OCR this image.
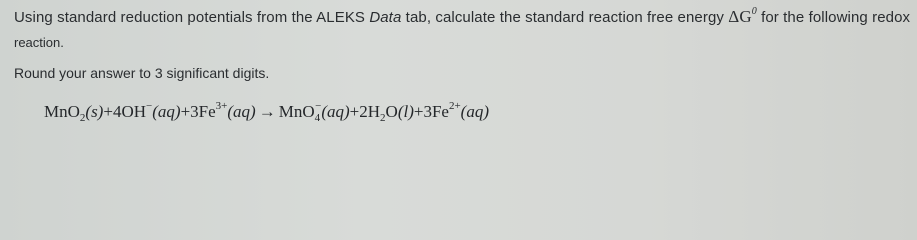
Using standard reduction potentials from the ALEKS Data tab, calculate the standard reaction free energy $\Delta G^0$ for the following redox
reaction.
Round your answer to 3 significant digits.
$MnO_2(s)+4OH^-(aq)+3Fe^{3+}(aq) \to MnO_4^-(aq)+2H_2O(l)+3Fe^{2+}(aq)$
